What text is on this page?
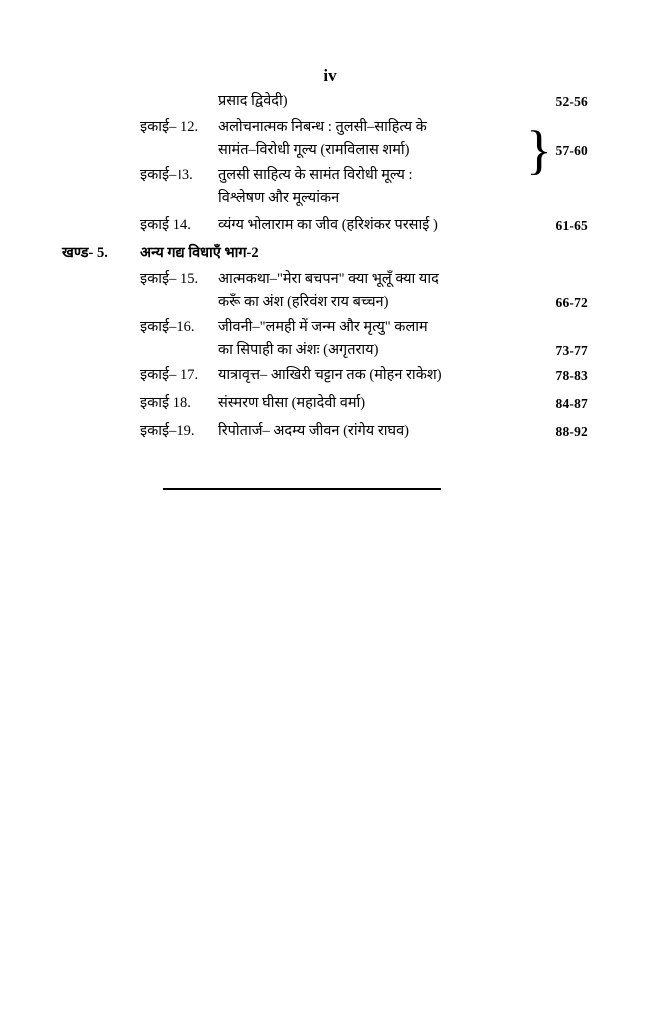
iv
प्रसाद द्विवेदी)	52-56
इकाई– 12.	अलोचनात्मक निबन्ध : तुलसी–साहित्य के
सामंत–विरोधी गूल्य (रामविलास शर्मा)	57-60
इकाई–।3.	तुलसी साहित्य के सामंत विरोधी मूल्य :
विश्लेषण और मूल्यांकन
इकाई 14.	व्यंग्य भोलाराम का जीव (हरिशंकर परसाई )	61-65
खण्ड- 5. अन्य गद्य विधाएँ भाग-2
इकाई– 15.	आत्मकथा–"मेरा बचपन" क्या भूलूँ क्या याद
करूँ का अंश (हरिवंश राय बच्चन)	66-72
इकाई–16.	जीवनी–"लमही में जन्म और मृत्यु" कलाम
का सिपाही का अंशः (अगृतराय)	73-77
इकाई– 17.	यात्रावृत्त– आखिरी चट्टान तक (मोहन राकेश)	78-83
इकाई 18.	संस्मरण घीसा (महादेवी वर्मा)	84-87
इकाई–19.	रिपोतार्ज– अदम्य जीवन (रांगेय राघव)	88-92
}
